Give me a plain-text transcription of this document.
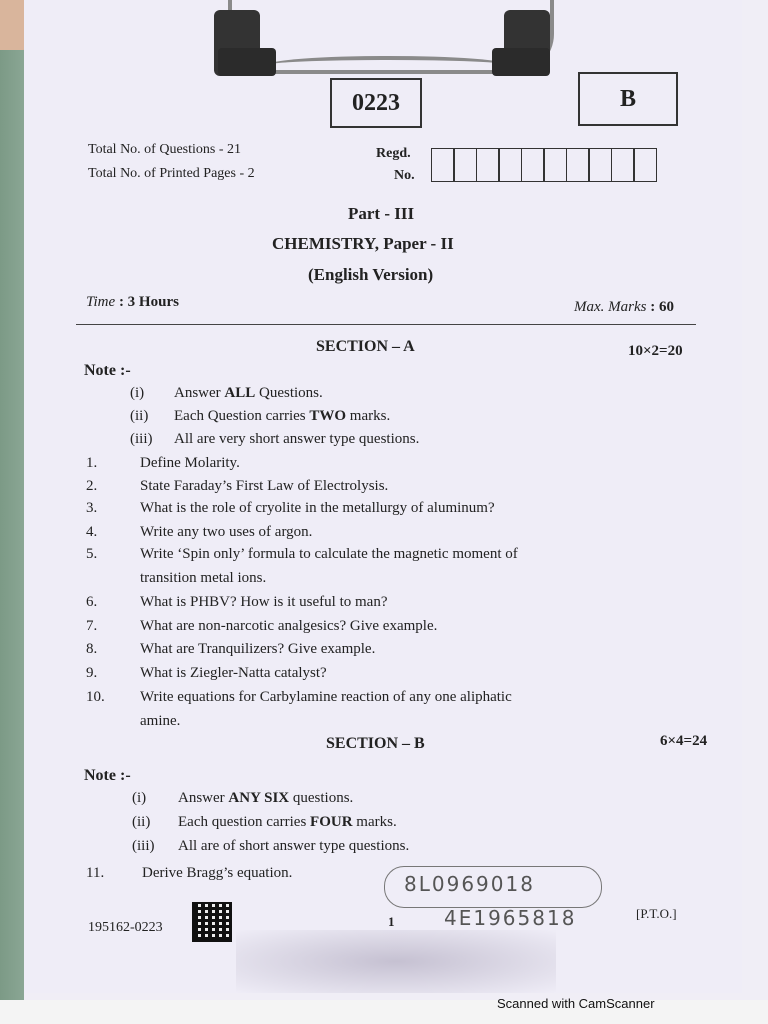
0223	B
Total No. of Questions - 21
Total No. of Printed Pages - 2
Regd.
No.
Part - III
CHEMISTRY, Paper - II
(English Version)
Time : 3 Hours	Max. Marks : 60
SECTION – A	10×2=20
Note :-
(i) Answer ALL Questions.
(ii) Each Question carries TWO marks.
(iii) All are very short answer type questions.
1.	Define Molarity.
2.	State Faraday’s First Law of Electrolysis.
3.	What is the role of cryolite in the metallurgy of aluminum?
4.	Write any two uses of argon.
5.	Write ‘Spin only’ formula to calculate the magnetic moment of
transition metal ions.
6.	What is PHBV? How is it useful to man?
7.	What are non-narcotic analgesics? Give example.
8.	What are Tranquilizers? Give example.
9.	What is Ziegler-Natta catalyst?
10. Write equations for Carbylamine reaction of any one aliphatic
amine.
SECTION – B	6×4=24
Note :-
(i) Answer ANY SIX questions.
(ii) Each question carries FOUR marks.
(iii) All are of short answer type questions.
11.	Derive Bragg’s equation.	8L0969018
4E1965818
195162-0223	1
[P.T.O.]
Scanned with CamScanner
